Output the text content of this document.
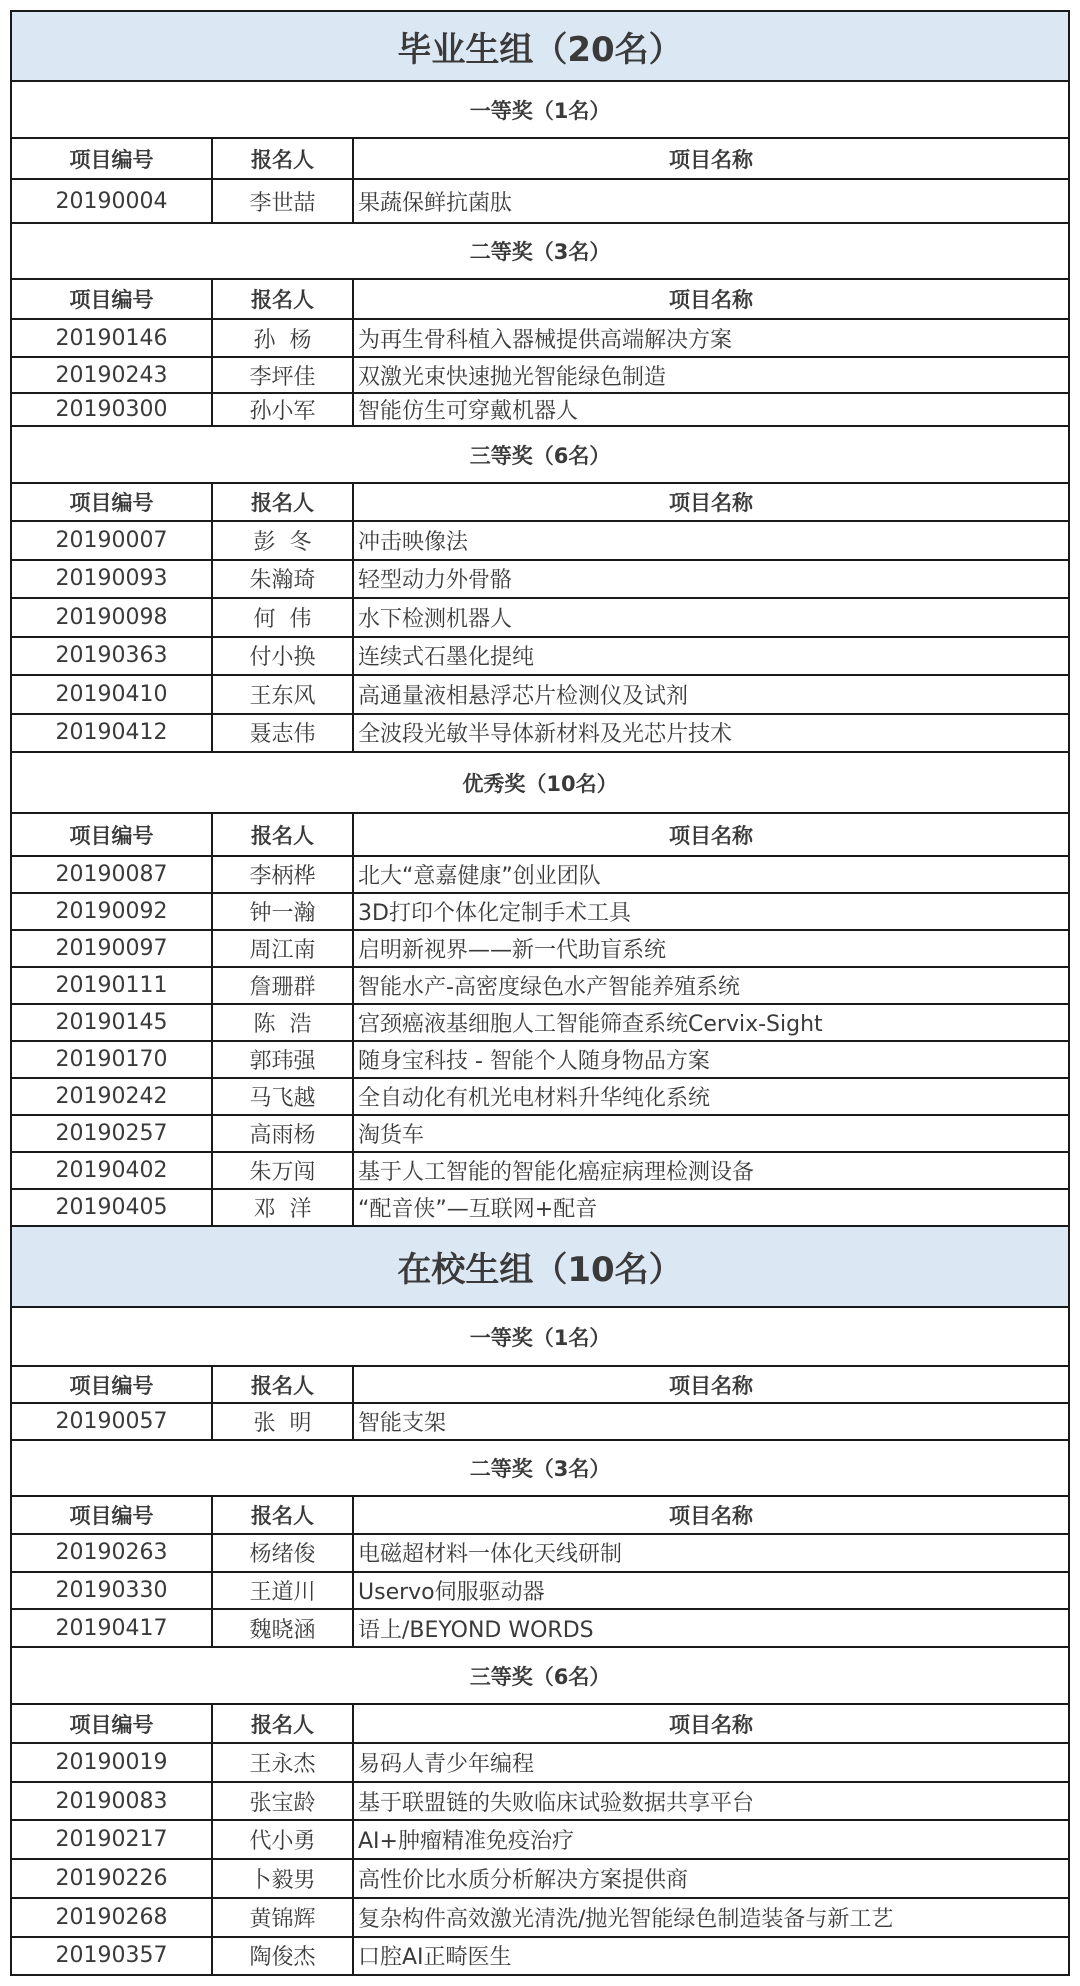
毕业生组（20名）		
一等奖（1名）		
项目编号	报名人	项目名称
20190004	李世喆	果蔬保鲜抗菌肽
二等奖（3名）		
项目编号	报名人	项目名称
20190146	孙  杨	为再生骨科植入器械提供高端解决方案
20190243	李坪佳	双激光束快速抛光智能绿色制造
20190300	孙小军	智能仿生可穿戴机器人
三等奖（6名）		
项目编号	报名人	项目名称
20190007	彭  冬	冲击映像法
20190093	朱瀚琦	轻型动力外骨骼
20190098	何  伟	水下检测机器人
20190363	付小换	连续式石墨化提纯
20190410	王东风	高通量液相悬浮芯片检测仪及试剂
20190412	聂志伟	全波段光敏半导体新材料及光芯片技术
优秀奖（10名）		
项目编号	报名人	项目名称
20190087	李柄桦	北大“意嘉健康”创业团队
20190092	钟一瀚	3D打印个体化定制手术工具
20190097	周江南	启明新视界——新一代助盲系统
20190111	詹珊群	智能水产-高密度绿色水产智能养殖系统
20190145	陈  浩	宫颈癌液基细胞人工智能筛查系统Cervix-Sight
20190170	郭玮强	随身宝科技 - 智能个人随身物品方案
20190242	马飞越	全自动化有机光电材料升华纯化系统
20190257	高雨杨	淘货车
20190402	朱万闯	基于人工智能的智能化癌症病理检测设备
20190405	邓  洋	“配音侠”—互联网+配音
在校生组（10名）		
一等奖（1名）		
项目编号	报名人	项目名称
20190057	张  明	智能支架
二等奖（3名）		
项目编号	报名人	项目名称
20190263	杨绪俊	电磁超材料一体化天线研制
20190330	王道川	Uservo伺服驱动器
20190417	魏晓涵	语上/BEYOND WORDS
三等奖（6名）		
项目编号	报名人	项目名称
20190019	王永杰	易码人青少年编程
20190083	张宝龄	基于联盟链的失败临床试验数据共享平台
20190217	代小勇	AI+肿瘤精准免疫治疗
20190226	卜毅男	高性价比水质分析解决方案提供商
20190268	黄锦辉	复杂构件高效激光清洗/抛光智能绿色制造装备与新工艺
20190357	陶俊杰	口腔AI正畸医生
